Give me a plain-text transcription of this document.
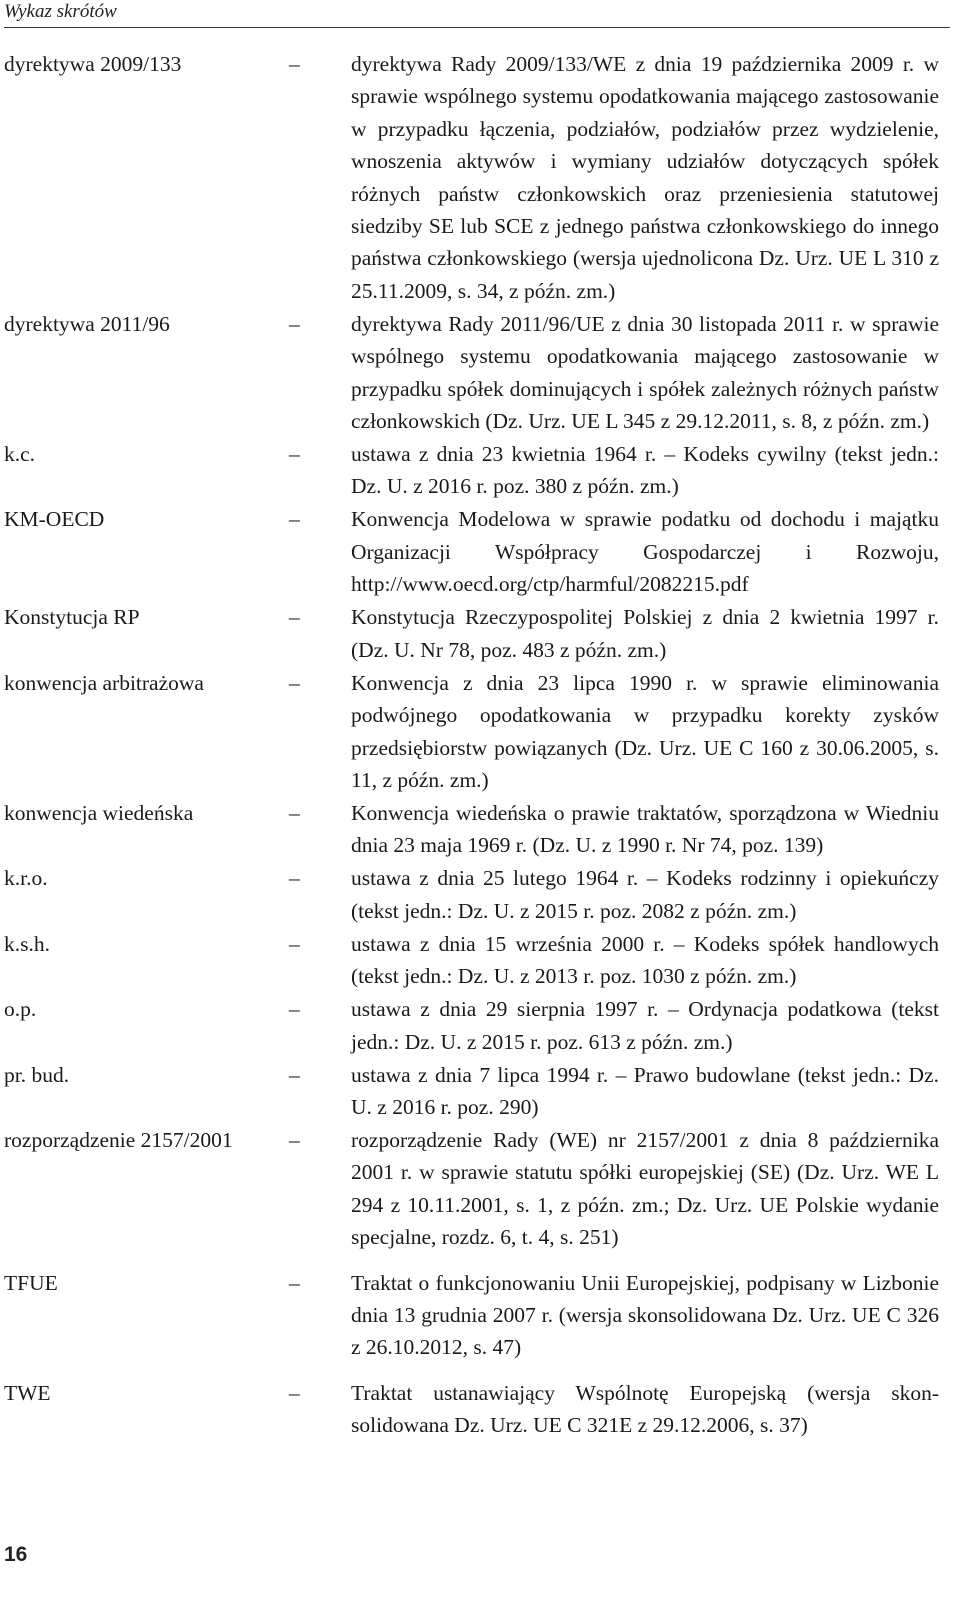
Wykaz skrótów
dyrektywa 2009/133	–	dyrektywa Rady 2009/133/WE z dnia 19 października 2009 r. w sprawie wspólnego systemu opodatkowania mającego zastosowanie w przypadku łączenia, podziałów, podziałów przez wydzielenie, wnoszenia aktywów i wymiany udziałów dotyczących spółek różnych państw członkowskich oraz przeniesienia statutowej siedziby SE lub SCE z jednego państwa członkowskiego do innego państwa członkowskiego (wersja ujednolicona Dz. Urz. UE L 310 z 25.11.2009, s. 34, z późn. zm.)
dyrektywa 2011/96	–	dyrektywa Rady 2011/96/UE z dnia 30 listopada 2011 r. w sprawie wspólnego systemu opodatkowania mającego zastosowanie w przypadku spółek dominujących i spółek zależnych różnych państw członkowskich (Dz. Urz. UE L 345 z 29.12.2011, s. 8, z późn. zm.)
k.c.	–	ustawa z dnia 23 kwietnia 1964 r. – Kodeks cywilny (tekst jedn.: Dz. U. z 2016 r. poz. 380 z późn. zm.)
KM-OECD	–	Konwencja Modelowa w sprawie podatku od dochodu i majątku Organizacji Współpracy Gospodarczej i Rozwoju, http://www.oecd.org/ctp/harmful/2082215.pdf
Konstytucja RP	–	Konstytucja Rzeczypospolitej Polskiej z dnia 2 kwietnia 1997 r. (Dz. U. Nr 78, poz. 483 z późn. zm.)
konwencja arbitrażowa	–	Konwencja z dnia 23 lipca 1990 r. w sprawie eliminowania podwójnego opodatkowania w przypadku korekty zysków przedsiębiorstw powiązanych (Dz. Urz. UE C 160 z 30.06.2005, s. 11, z późn. zm.)
konwencja wiedeńska	–	Konwencja wiedeńska o prawie traktatów, sporządzona w Wiedniu dnia 23 maja 1969 r. (Dz. U. z 1990 r. Nr 74, poz. 139)
k.r.o.	–	ustawa z dnia 25 lutego 1964 r. – Kodeks rodzinny i opiekuńczy (tekst jedn.: Dz. U. z 2015 r. poz. 2082 z późn. zm.)
k.s.h.	–	ustawa z dnia 15 września 2000 r. – Kodeks spółek handlowych (tekst jedn.: Dz. U. z 2013 r. poz. 1030 z późn. zm.)
o.p.	–	ustawa z dnia 29 sierpnia 1997 r. – Ordynacja podatkowa (tekst jedn.: Dz. U. z 2015 r. poz. 613 z późn. zm.)
pr. bud.	–	ustawa z dnia 7 lipca 1994 r. – Prawo budowlane (tekst jedn.: Dz. U. z 2016 r. poz. 290)
rozporządzenie 2157/2001	–	rozporządzenie Rady (WE) nr 2157/2001 z dnia 8 października 2001 r. w sprawie statutu spółki europejskiej (SE) (Dz. Urz. WE L 294 z 10.11.2001, s. 1, z późn. zm.; Dz. Urz. UE Polskie wydanie specjalne, rozdz. 6, t. 4, s. 251)
TFUE	–	Traktat o funkcjonowaniu Unii Europejskiej, podpisany w Lizbonie dnia 13 grudnia 2007 r. (wersja skonsolidowana Dz. Urz. UE C 326 z 26.10.2012, s. 47)
TWE	–	Traktat ustanawiający Wspólnotę Europejską (wersja skonsolidowana Dz. Urz. UE C 321E z 29.12.2006, s. 37)
16
